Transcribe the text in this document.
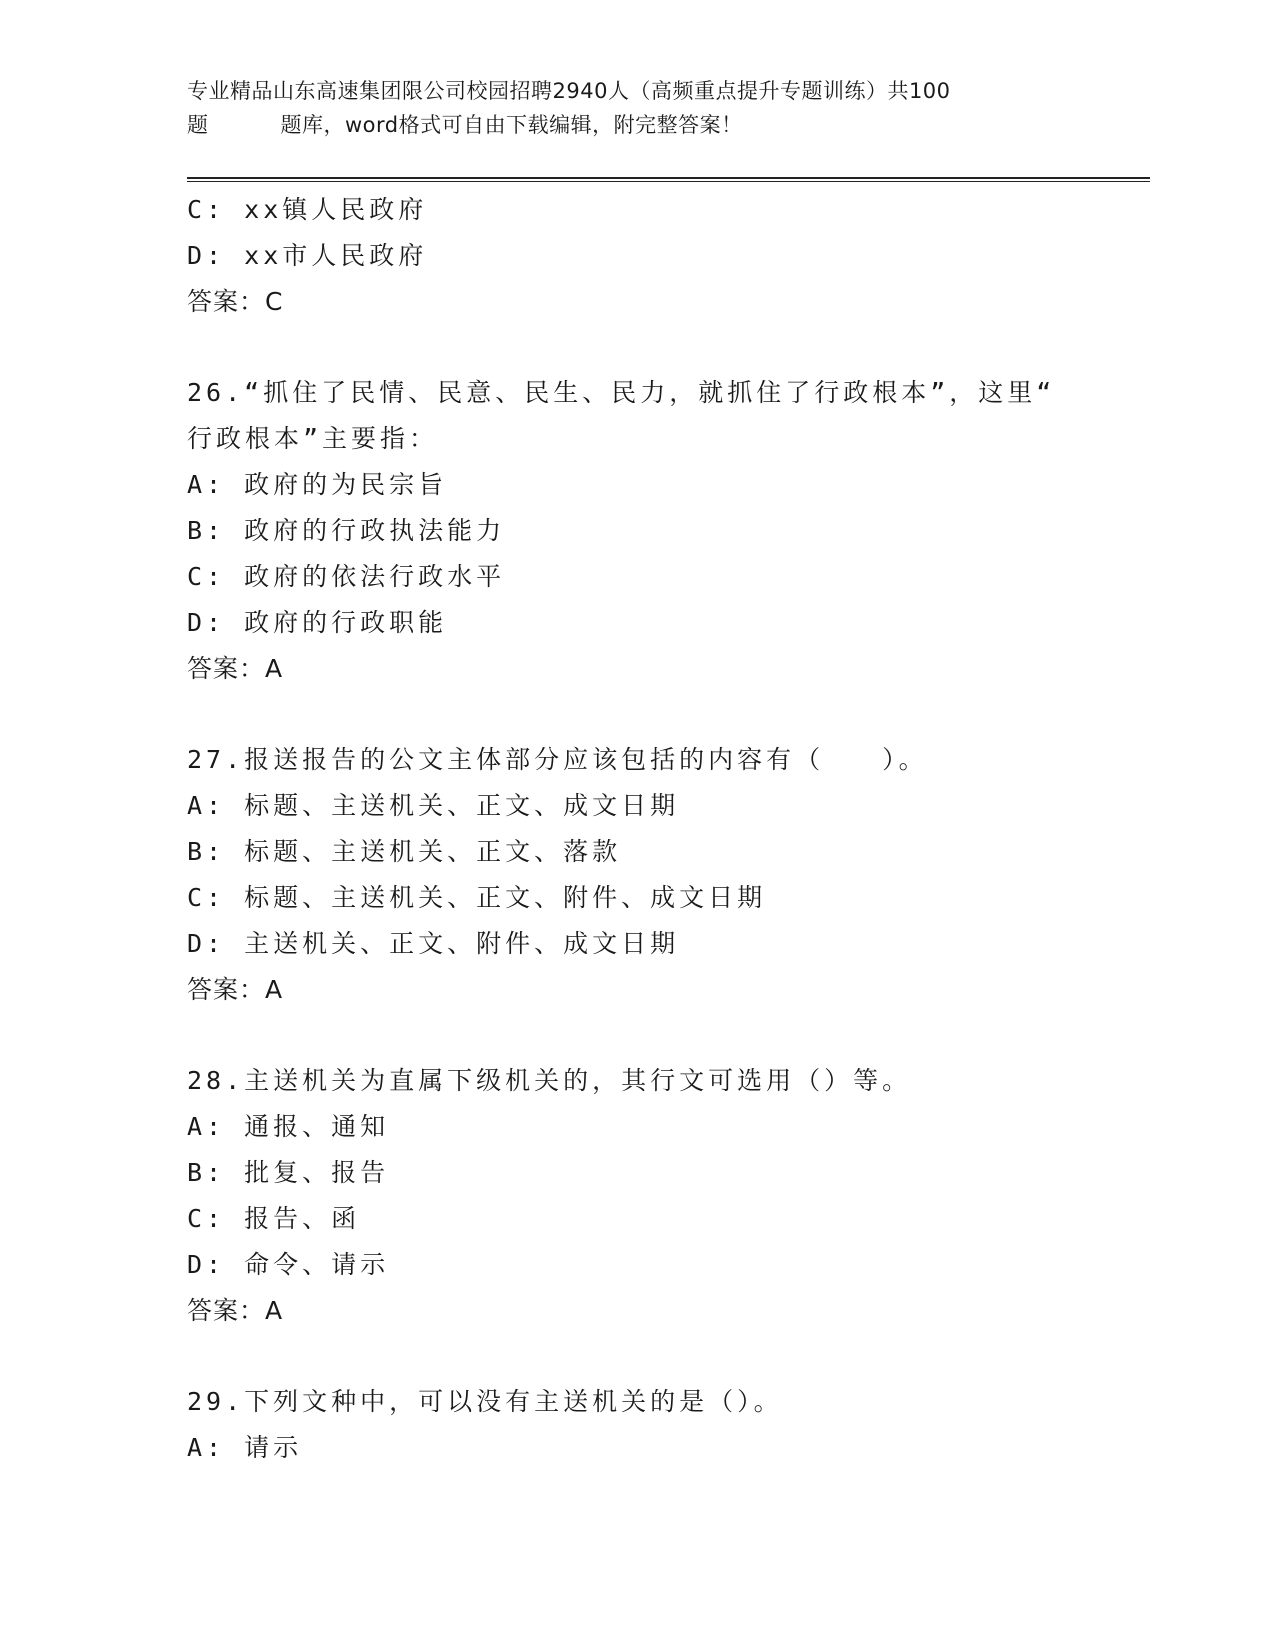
专业精品山东高速集团限公司校园招聘2940人（高频重点提升专题训练）共100
题	题库，word格式可自由下载编辑，附完整答案！
C: xx镇人民政府
D: xx市人民政府
答案：C
26.“抓住了民情、民意、民生、民力，就抓住了行政根本”，这里“
行政根本”主要指：
A: 政府的为民宗旨
B: 政府的行政执法能力
C: 政府的依法行政水平
D: 政府的行政职能
答案：A
27.报送报告的公文主体部分应该包括的内容有（　　）。
A: 标题、主送机关、正文、成文日期
B: 标题、主送机关、正文、落款
C: 标题、主送机关、正文、附件、成文日期
D: 主送机关、正文、附件、成文日期
答案：A
28.主送机关为直属下级机关的，其行文可选用（）等。
A: 通报、通知
B: 批复、报告
C: 报告、函
D: 命令、请示
答案：A
29.下列文种中，可以没有主送机关的是（）。
A: 请示
